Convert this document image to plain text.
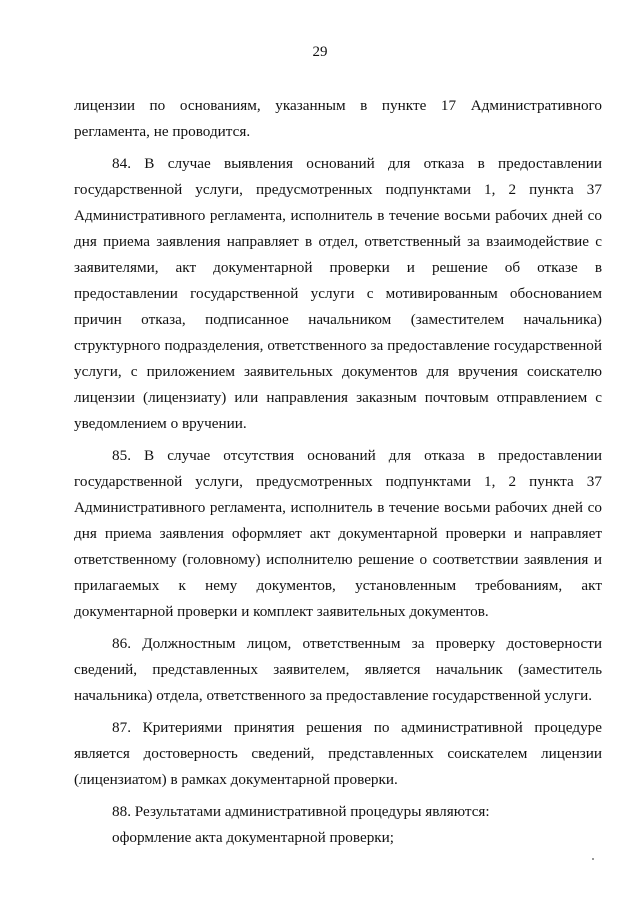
29

лицензии по основаниям, указанным в пункте 17 Административного регламента, не проводится.

84. В случае выявления оснований для отказа в предоставлении государственной услуги, предусмотренных подпунктами 1, 2 пункта 37 Административного регламента, исполнитель в течение восьми рабочих дней со дня приема заявления направляет в отдел, ответственный за взаимодействие с заявителями, акт документарной проверки и решение об отказе в предоставлении государственной услуги с мотивированным обоснованием причин отказа, подписанное начальником (заместителем начальника) структурного подразделения, ответственного за предоставление государственной услуги, с приложением заявительных документов для вручения соискателю лицензии (лицензиату) или направления заказным почтовым отправлением с уведомлением о вручении.

85. В случае отсутствия оснований для отказа в предоставлении государственной услуги, предусмотренных подпунктами 1, 2 пункта 37 Административного регламента, исполнитель в течение восьми рабочих дней со дня приема заявления оформляет акт документарной проверки и направляет ответственному (головному) исполнителю решение о соответствии заявления и прилагаемых к нему документов, установленным требованиям, акт документарной проверки и комплект заявительных документов.

86. Должностным лицом, ответственным за проверку достоверности сведений, представленных заявителем, является начальник (заместитель начальника) отдела, ответственного за предоставление государственной услуги.

87. Критериями принятия решения по административной процедуре является достоверность сведений, представленных соискателем лицензии (лицензиатом) в рамках документарной проверки.

88. Результатами административной процедуры являются:

оформление акта документарной проверки;
